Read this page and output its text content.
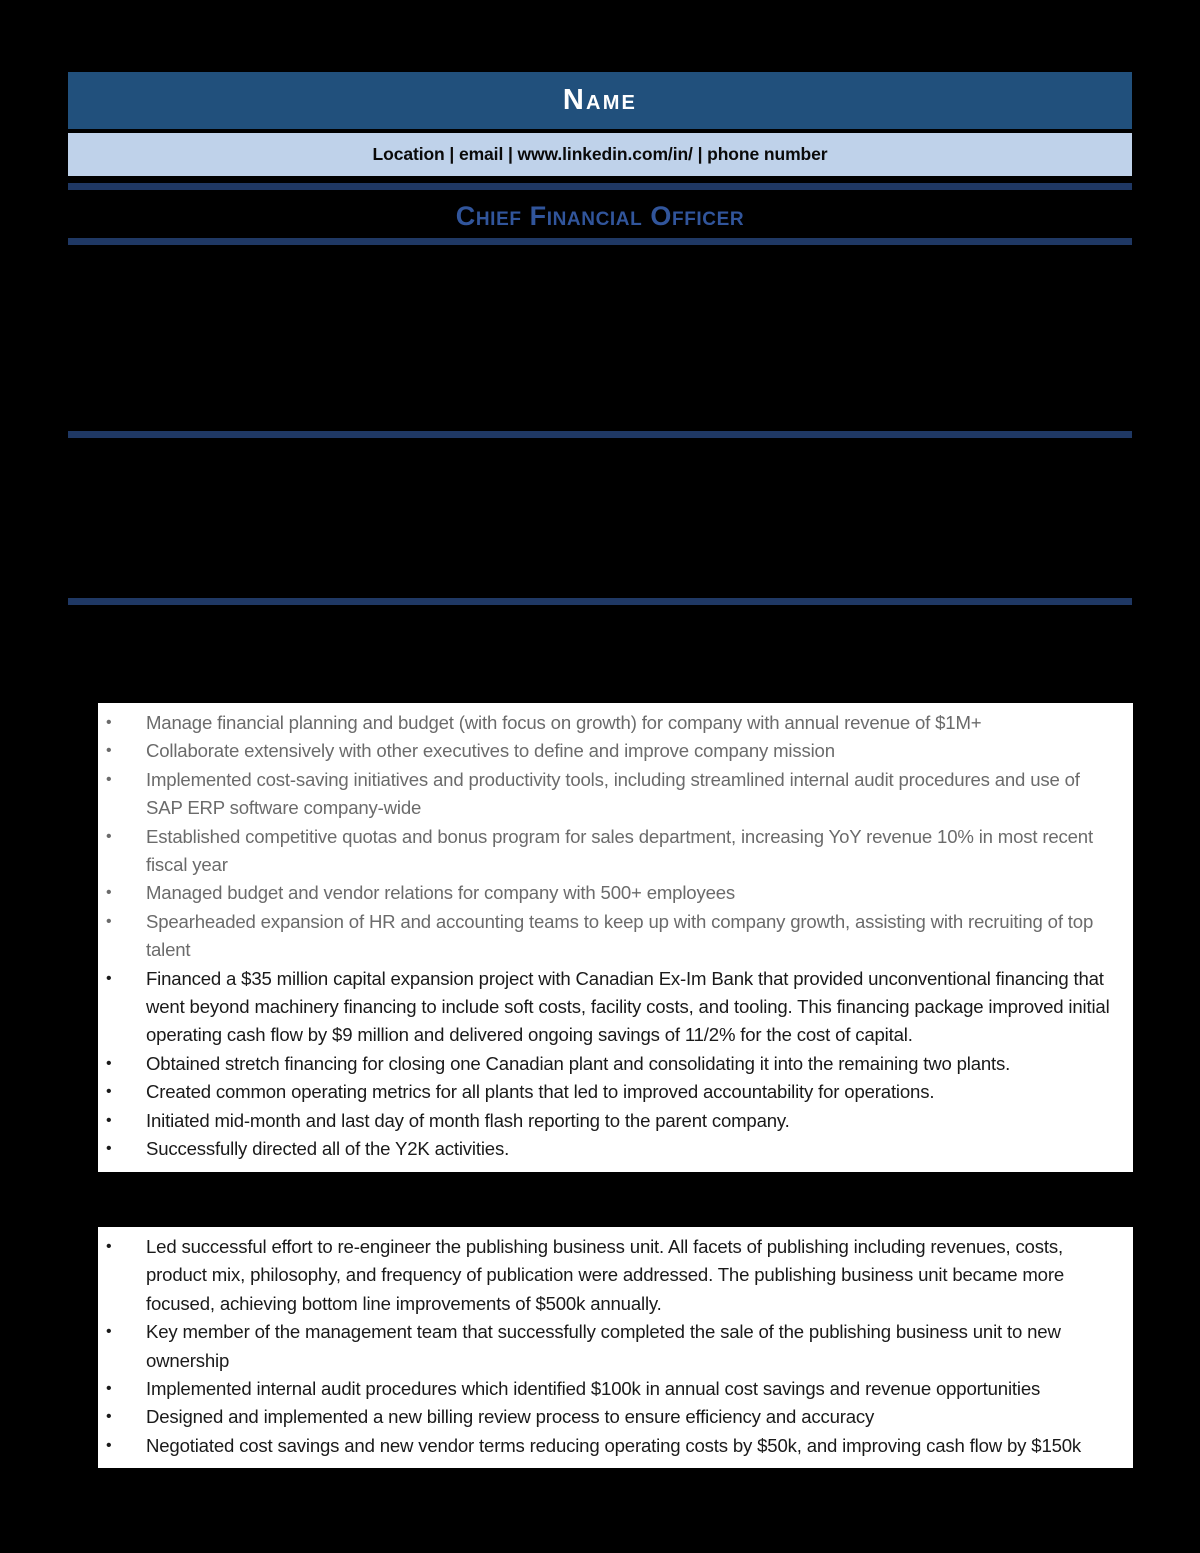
Name
Location | email | www.linkedin.com/in/ | phone number
Chief Financial Officer
• Manage financial planning and budget (with focus on growth) for company with annual revenue of $1M+
• Collaborate extensively with other executives to define and improve company mission
• Implemented cost-saving initiatives and productivity tools, including streamlined internal audit procedures and use of SAP ERP software company-wide
• Established competitive quotas and bonus program for sales department, increasing YoY revenue 10% in most recent fiscal year
• Managed budget and vendor relations for company with 500+ employees
• Spearheaded expansion of HR and accounting teams to keep up with company growth, assisting with recruiting of top talent
• Financed a $35 million capital expansion project with Canadian Ex-Im Bank that provided unconventional financing that went beyond machinery financing to include soft costs, facility costs, and tooling. This financing package improved initial operating cash flow by $9 million and delivered ongoing savings of 11/2% for the cost of capital.
• Obtained stretch financing for closing one Canadian plant and consolidating it into the remaining two plants.
• Created common operating metrics for all plants that led to improved accountability for operations.
• Initiated mid-month and last day of month flash reporting to the parent company.
• Successfully directed all of the Y2K activities.
• Led successful effort to re-engineer the publishing business unit. All facets of publishing including revenues, costs, product mix, philosophy, and frequency of publication were addressed. The publishing business unit became more focused, achieving bottom line improvements of $500k annually.
• Key member of the management team that successfully completed the sale of the publishing business unit to new ownership
• Implemented internal audit procedures which identified $100k in annual cost savings and revenue opportunities
• Designed and implemented a new billing review process to ensure efficiency and accuracy
• Negotiated cost savings and new vendor terms reducing operating costs by $50k, and improving cash flow by $150k
